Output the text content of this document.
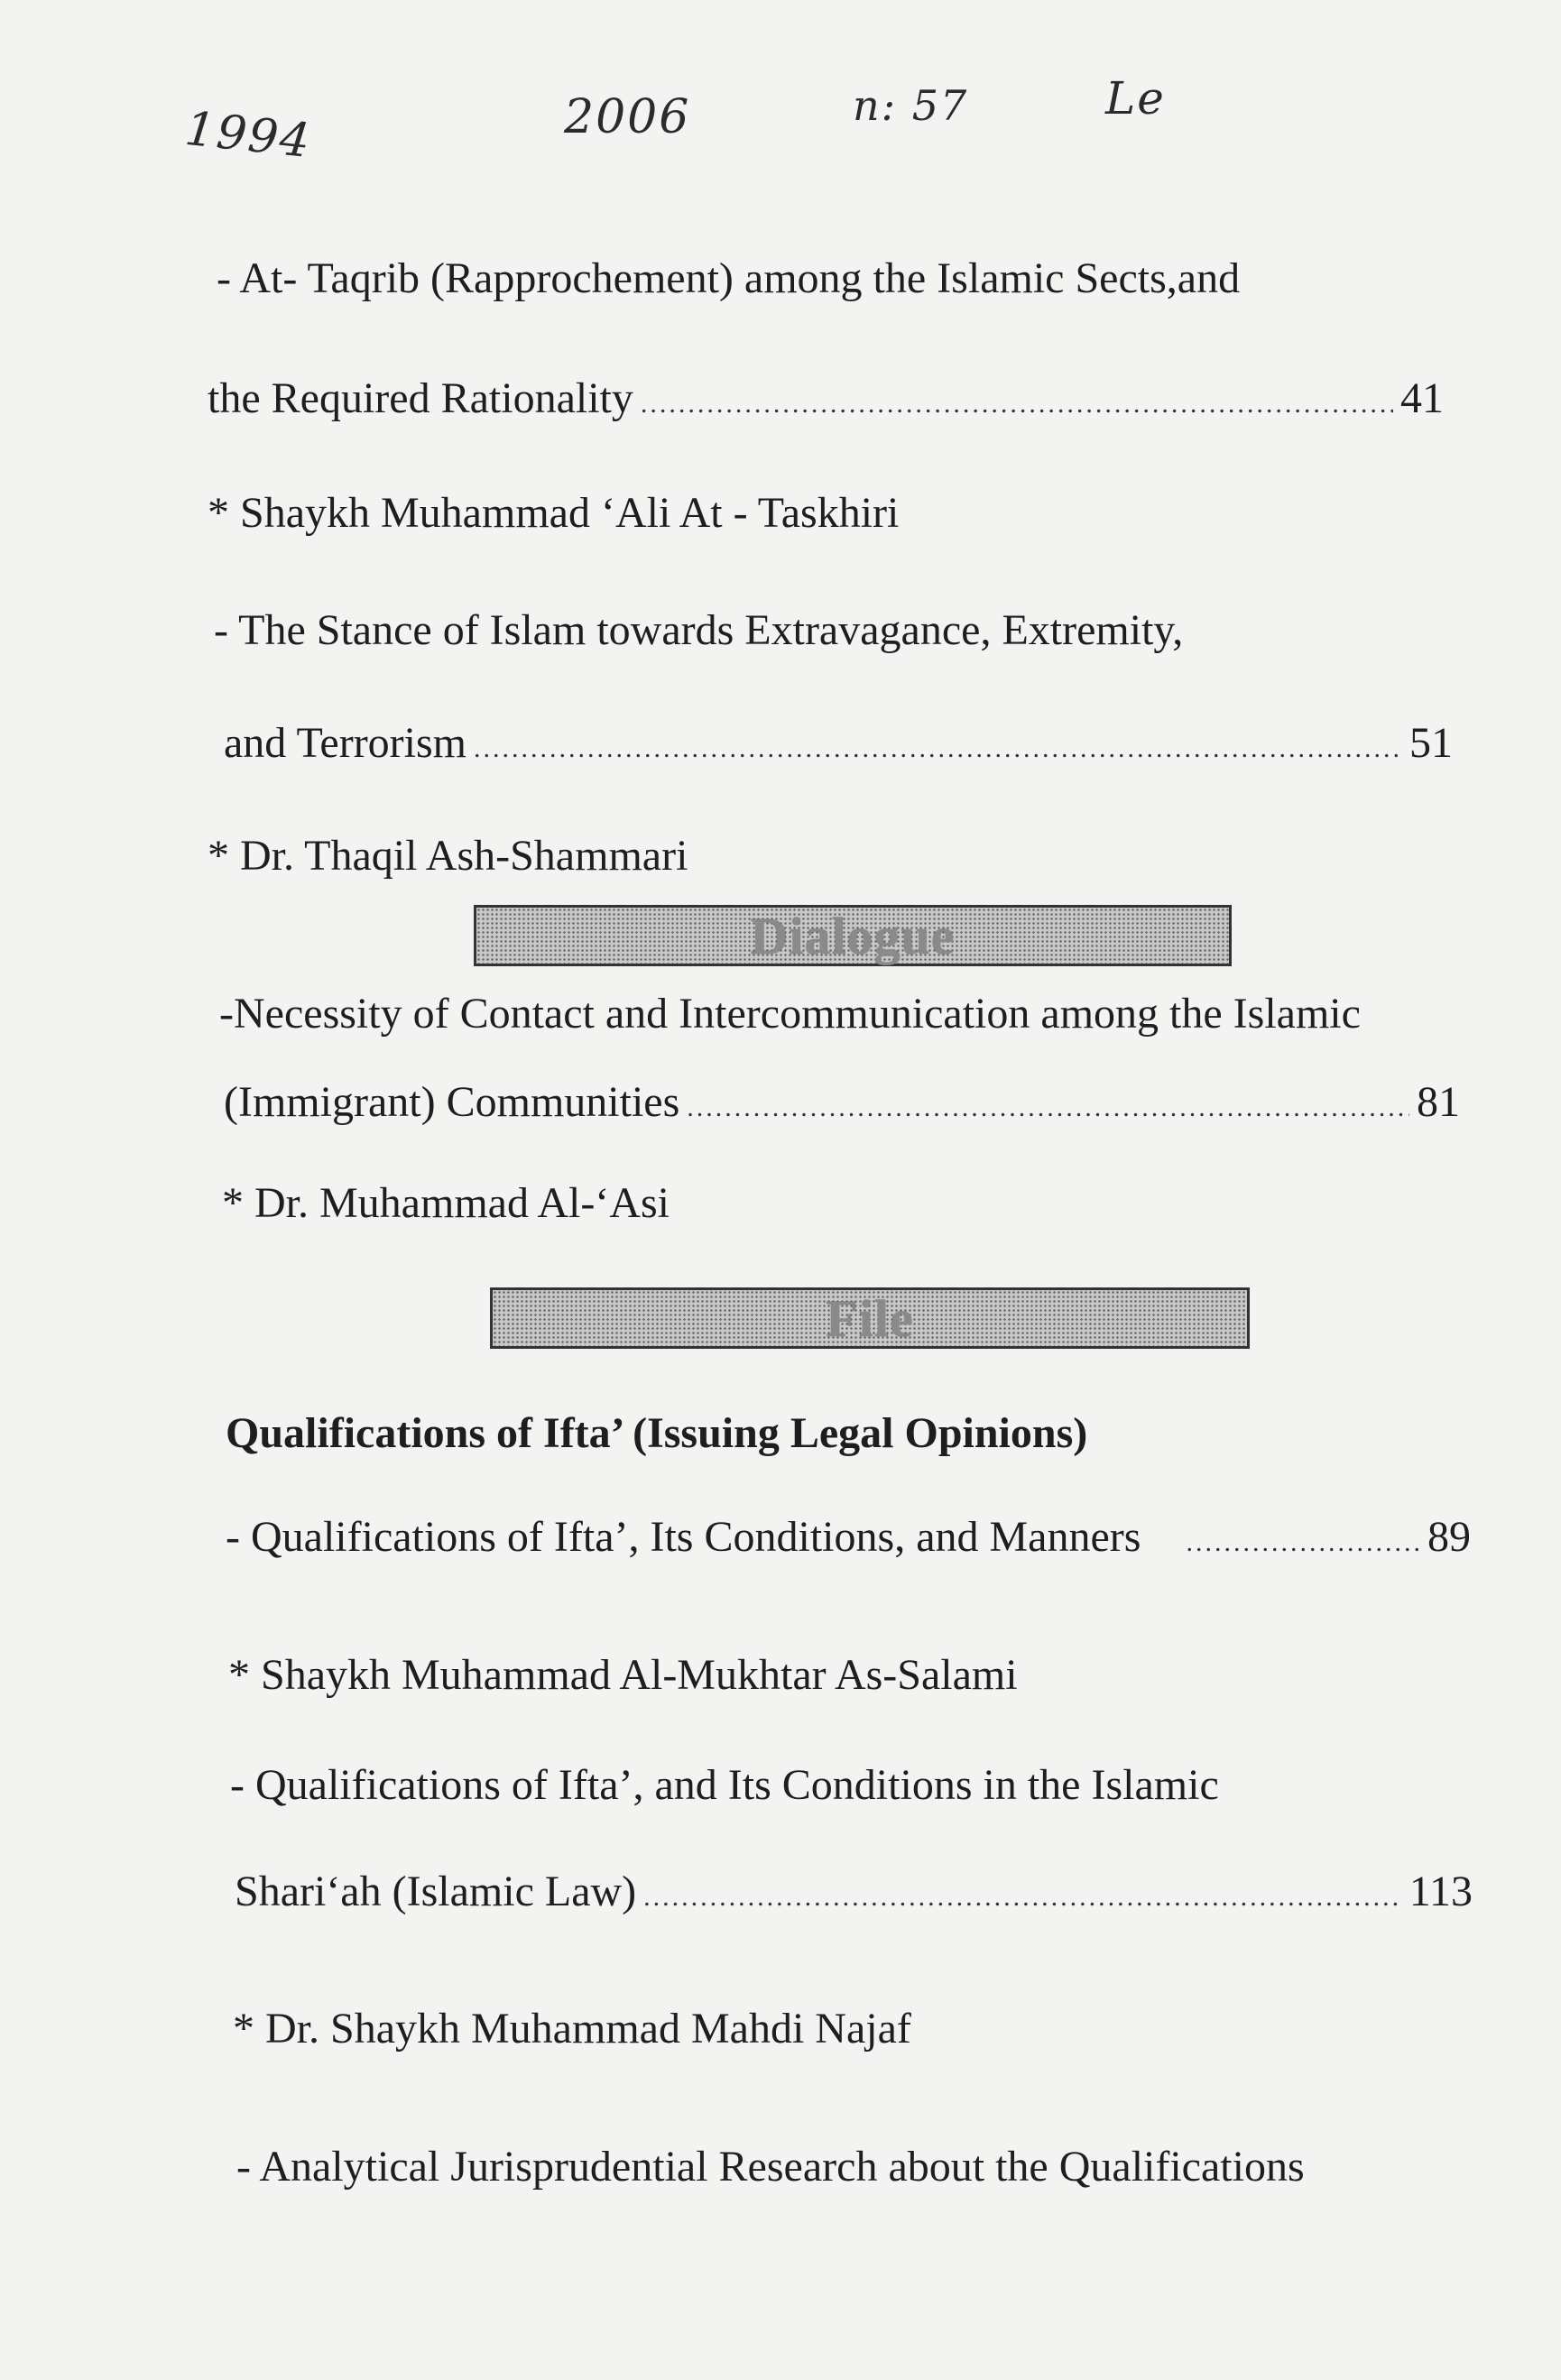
1994	2006	n: 57	Le
- At- Taqrib (Rapprochement) among the Islamic Sects,and
the Required Rationality .....	41
* Shaykh Muhammad ‘Ali At - Taskhiri
- The Stance of Islam towards Extravagance, Extremity,
and Terrorism .....	51
* Dr. Thaqil Ash-Shammari
Dialogue
-Necessity of Contact and Intercommunication among the Islamic
(Immigrant) Communities .....	81
* Dr. Muhammad Al-‘Asi
File
Qualifications of Ifta’ (Issuing Legal Opinions)
- Qualifications of Ifta’, Its Conditions, and Manners .....	89
* Shaykh Muhammad Al-Mukhtar As-Salami
- Qualifications of Ifta’, and Its Conditions in the Islamic
Shari‘ah (Islamic Law) .....	113
* Dr. Shaykh Muhammad Mahdi Najaf
- Analytical Jurisprudential Research about the Qualifications
